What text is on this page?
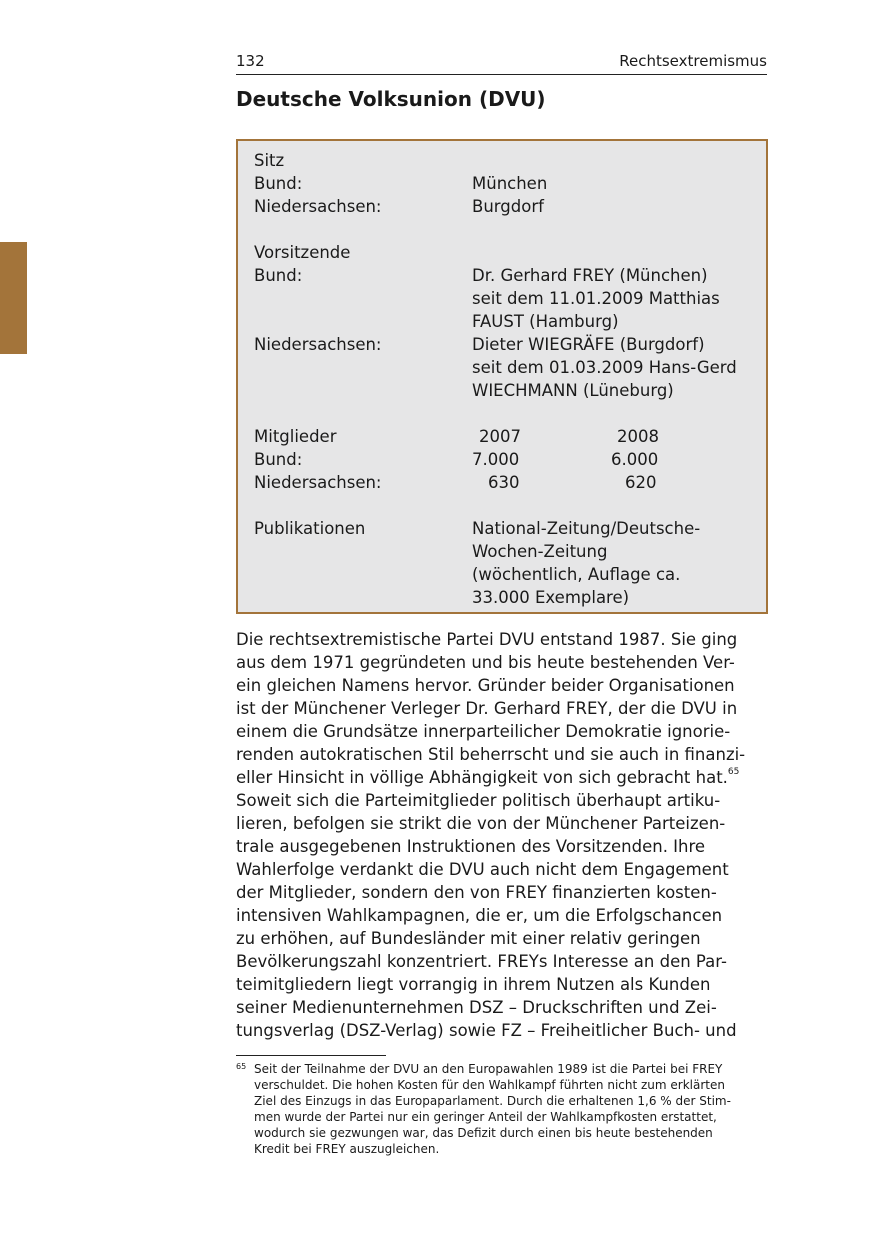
132	Rechtsextremismus
Deutsche Volksunion (DVU)
Sitz
Bund:	München
Niedersachsen:	Burgdorf
Vorsitzende
Bund:	Dr. Gerhard FREY (München)
seit dem 11.01.2009 Matthias
FAUST (Hamburg)
Niedersachsen:	Dieter WIEGRÄFE (Burgdorf)
seit dem 01.03.2009 Hans-Gerd
WIECHMANN (Lüneburg)
Mitglieder	2007	2008
Bund:	7.000	6.000
Niedersachsen:	630	620
Publikationen	National-Zeitung/Deutsche-
Wochen-Zeitung
(wöchentlich, Auflage ca.
33.000 Exemplare)
Die rechtsextremistische Partei DVU entstand 1987. Sie ging
aus dem 1971 gegründeten und bis heute bestehenden Ver-
ein gleichen Namens hervor. Gründer beider Organisationen
ist der Münchener Verleger Dr. Gerhard FREY, der die DVU in
einem die Grundsätze innerparteilicher Demokratie ignorie-
renden autokratischen Stil beherrscht und sie auch in finanzi-
eller Hinsicht in völlige Abhängigkeit von sich gebracht hat.$^{65}$
Soweit sich die Parteimitglieder politisch überhaupt artiku-
lieren, befolgen sie strikt die von der Münchener Parteizen-
trale ausgegebenen Instruktionen des Vorsitzenden. Ihre
Wahlerfolge verdankt die DVU auch nicht dem Engagement
der Mitglieder, sondern den von FREY finanzierten kosten-
intensiven Wahlkampagnen, die er, um die Erfolgschancen
zu erhöhen, auf Bundesländer mit einer relativ geringen
Bevölkerungszahl konzentriert. FREYs Interesse an den Par-
teimitgliedern liegt vorrangig in ihrem Nutzen als Kunden
seiner Medienunternehmen DSZ – Druckschriften und Zei-
tungsverlag (DSZ-Verlag) sowie FZ – Freiheitlicher Buch- und
65 Seit der Teilnahme der DVU an den Europawahlen 1989 ist die Partei bei FREY
verschuldet. Die hohen Kosten für den Wahlkampf führten nicht zum erklärten
Ziel des Einzugs in das Europaparlament. Durch die erhaltenen 1,6 % der Stim-
men wurde der Partei nur ein geringer Anteil der Wahlkampfkosten erstattet,
wodurch sie gezwungen war, das Defizit durch einen bis heute bestehenden
Kredit bei FREY auszugleichen.
